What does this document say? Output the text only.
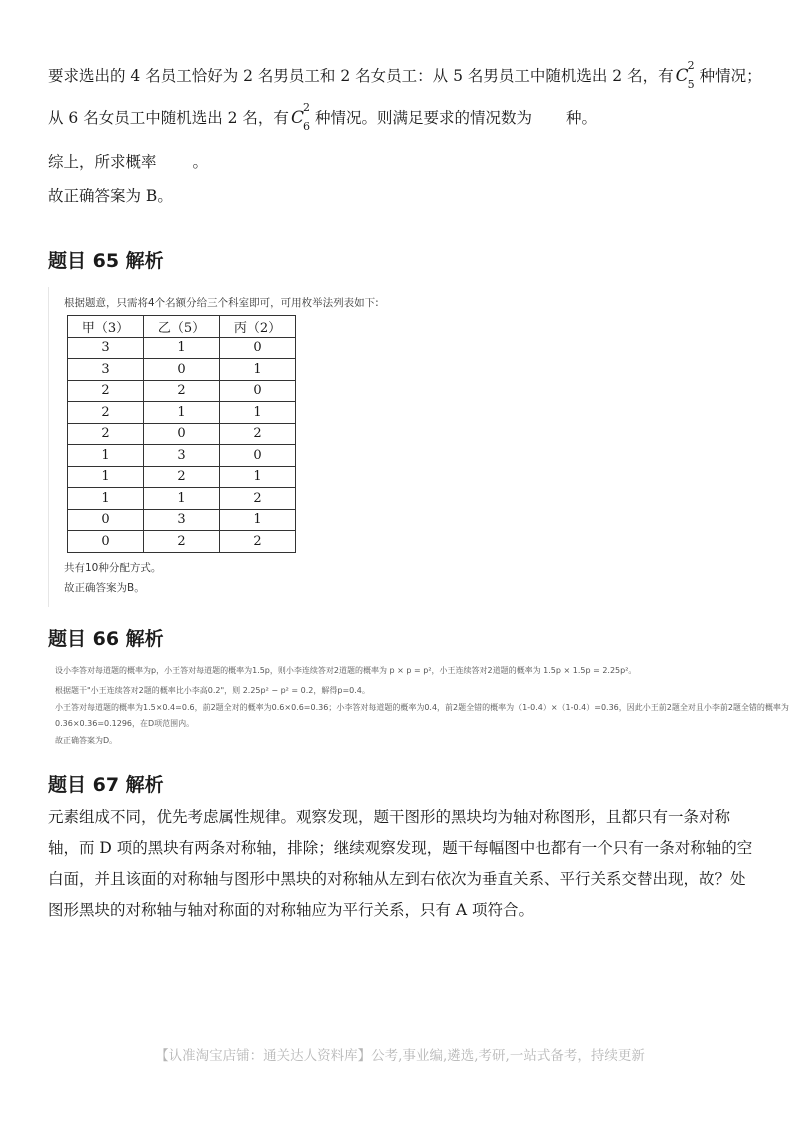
要求选出的 4 名员工恰好为 2 名男员工和 2 名女员工：从 5 名男员工中随机选出 2 名，有 C
2
5 种情况；
从 6 名女员工中随机选出 2 名，有 C
2
6 种情况。则满足要求的情况数为 种。
综上，所求概率 。
故正确答案为 B。
题目 65 解析
根据题意，只需将4个名额分给三个科室即可，可用枚举法列表如下:
甲（3）	乙（5）	丙（2）
3	1	0
3	0	1
2	2	0
2	1	1
2	0	2
1	3	0
1	2	1
1	1	2
0	3	1
0	2	2
共有10种分配方式。
故正确答案为B。
题目 66 解析
设小李答对每道题的概率为p，小王答对每道题的概率为1.5p，则小李连续答对2道题的概率为 p × p = p²，小王连续答对2道题的概率为 1.5p × 1.5p = 2.25p²。
根据题干"小王连续答对2题的概率比小李高0.2"，则 2.25p² − p² = 0.2，解得p=0.4。
小王答对每道题的概率为1.5×0.4=0.6，前2题全对的概率为0.6×0.6=0.36；小李答对每道题的概率为0.4，前2题全错的概率为（1-0.4）×（1-0.4）=0.36，因此小王前2题全对且小李前2题全错的概率为
0.36×0.36=0.1296，在D项范围内。
故正确答案为D。
题目 67 解析
元素组成不同，优先考虑属性规律。观察发现，题干图形的黑块均为轴对称图形，且都只有一条对称轴，而 D 项的黑块有两条对称轴，排除；继续观察发现，题干每幅图中也都有一个只有一条对称轴的空白面，并且该面的对称轴与图形中黑块的对称轴从左到右依次为垂直关系、平行关系交替出现，故？处图形黑块的对称轴与轴对称面的对称轴应为平行关系，只有 A 项符合。
【认准淘宝店铺：通关达人资料库】公考,事业编,遴选,考研,一站式备考，持续更新
